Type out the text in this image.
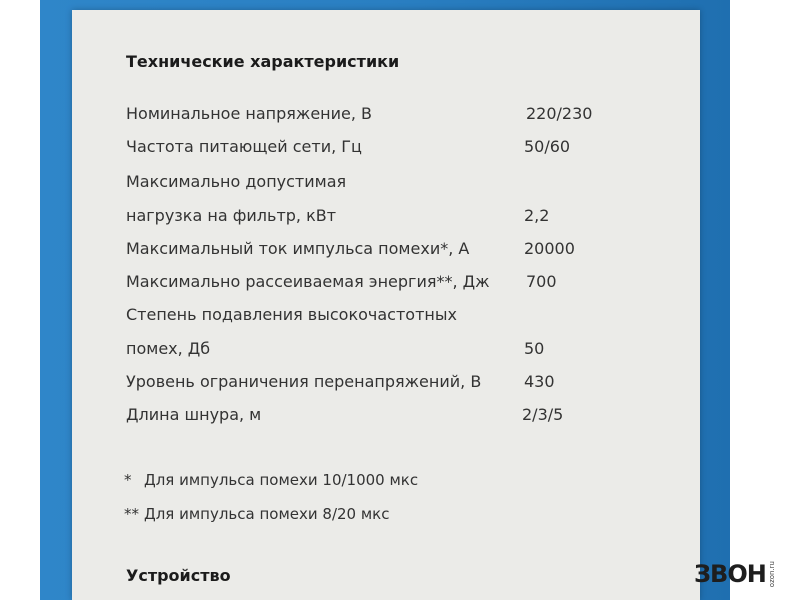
Технические характеристики
Номинальное напряжение, В	220/230
Частота питающей сети, Гц	50/60
Максимально допустимая
нагрузка на фильтр, кВт	2,2
Максимальный ток импульса помехи*, А	20000
Максимально рассеиваемая энергия**, Дж 700
Степень подавления высокочастотных
помех, Дб	50
Уровень ограничения перенапряжений, В	430
Длина шнура, м	2/3/5
* Для импульса помехи 10/1000 мкс
** Для импульса помехи 8/20 мкс
Устройство	ЗВОН ozon.ru
